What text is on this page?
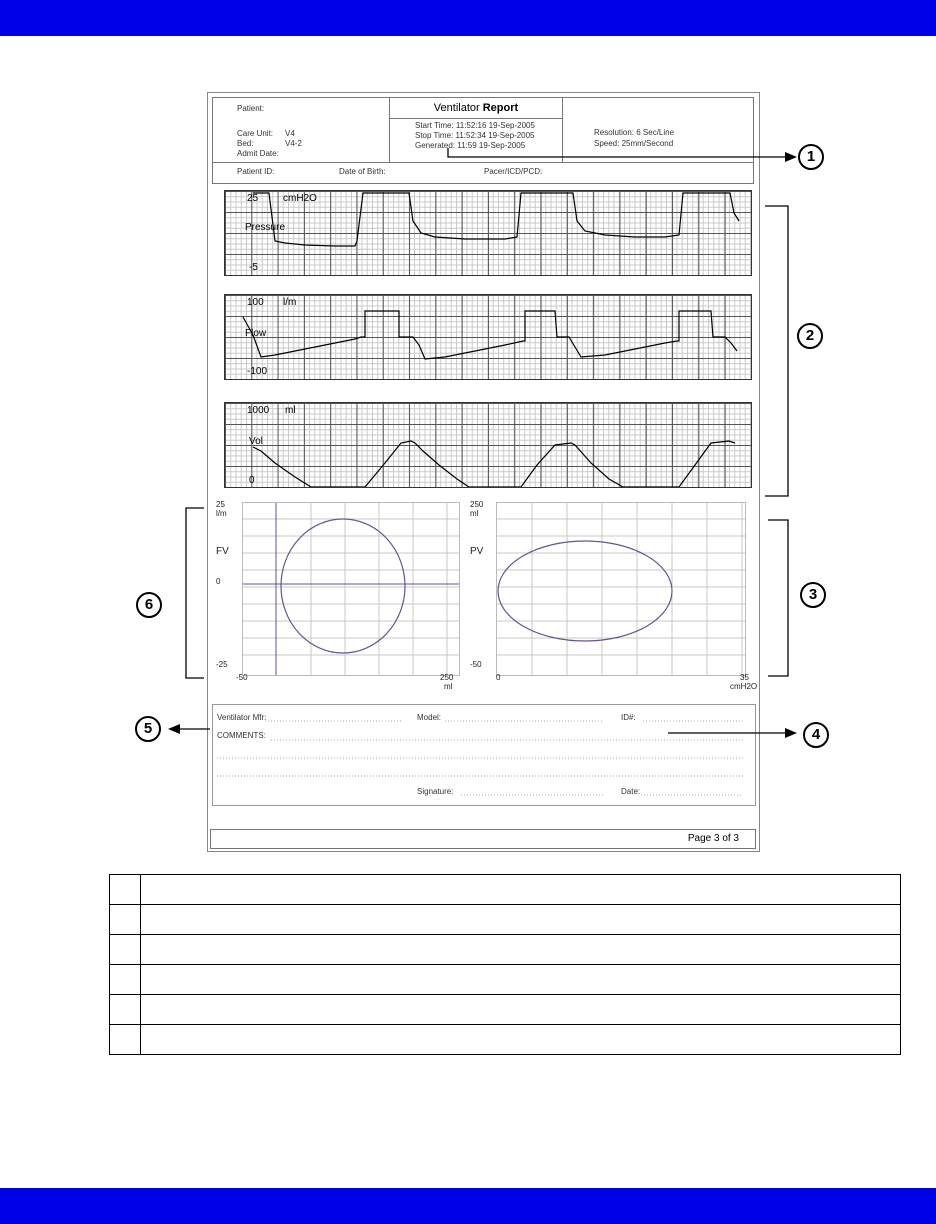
Patient:
Care Unit: V4
Bed:	V4-2
Admit Date:
Ventilator Report
Start Time: 11:52:16 19-Sep-2005
Stop Time: 11:52:34 19-Sep-2005
Generated: 11:59 19-Sep-2005
Resolution: 6 Sec/Line
Speed: 25mm/Second
Patient ID:	Date of Birth:	Pacer/ICD/PCD:
25 cmH2O
Pressure
-5
100 l/m
Flow
-100
1000 ml
Vol
0
25
l/m
FV
0
-25
-50	250
ml
250
ml
PV
-50
0	35
cmH2O
Ventilator Mfr:	Model:	ID#:
COMMENTS:
Signature:	Date:
Page 3 of 3
1
2
3
4
5
6
